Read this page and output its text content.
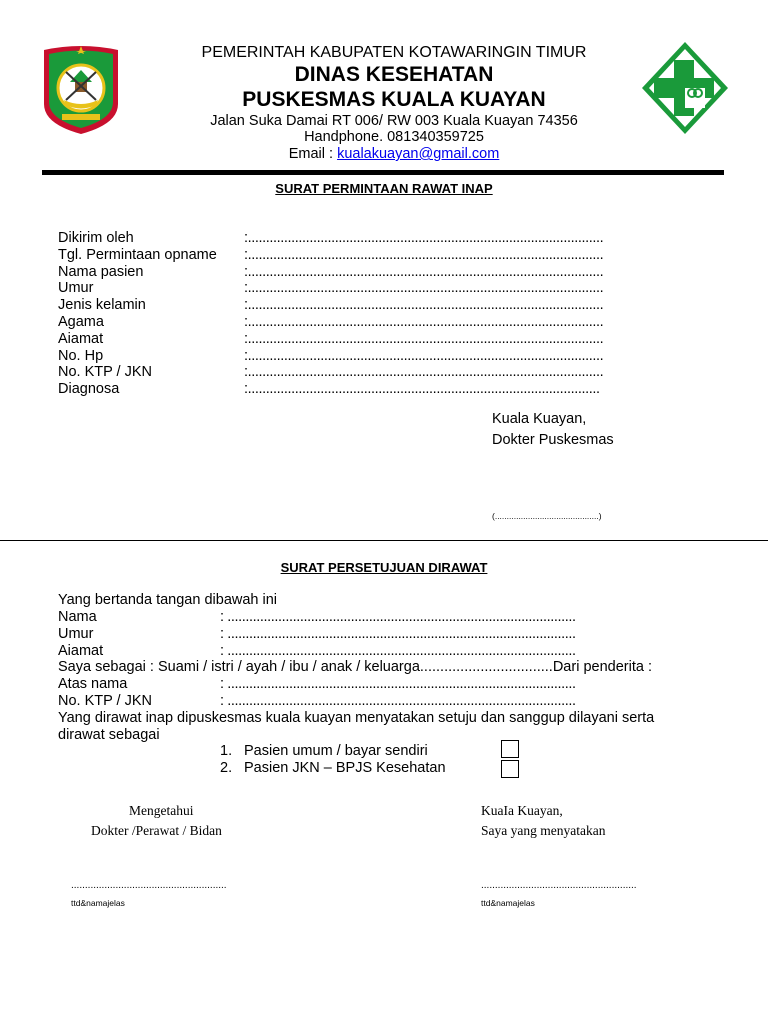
PEMERINTAH KABUPATEN KOTAWARINGIN TIMUR
DINAS KESEHATAN
PUSKESMAS KUALA KUAYAN
Jalan Suka Damai RT 006/ RW 003 Kuala Kuayan 74356
Handphone. 081340359725
Email : kualakuayan@gmail.com
SURAT PERMINTAAN RAWAT INAP
Dikirim oleh	:..................................................................................................
Tgl. Permintaan opname :..................................................................................................
Nama pasien	:..................................................................................................
Umur	:..................................................................................................
Jenis kelamin	:..................................................................................................
Agama	:..................................................................................................
Aiamat	:..................................................................................................
No. Hp	:..................................................................................................
No. KTP / JKN	:..................................................................................................
Diagnosa	:.................................................................................................
Kuala Kuayan,
Dokter Puskesmas
(............................................)
SURAT PERSETUJUAN DIRAWAT
Yang bertanda tangan dibawah ini
Nama	: ................................................................................................
Umur	: ................................................................................................
Aiamat	: ................................................................................................
Saya sebagai : Suami / istri / ayah / ibu / anak / keluarga.................................Dari penderita :
Atas nama	: ................................................................................................
No. KTP / JKN	: ................................................................................................
Yang dirawat inap dipuskesmas kuala kuayan menyatakan setuju dan sanggup dilayani serta
dirawat sebagai
1. Pasien umum / bayar sendiri
2. Pasien JKN – BPJS Kesehatan
Mengetahui
Dokter /Perawat / Bidan
........................................................
ttd&namajelas
KuaIa Kuayan,
Saya yang menyatakan
........................................................
ttd&namajelas
